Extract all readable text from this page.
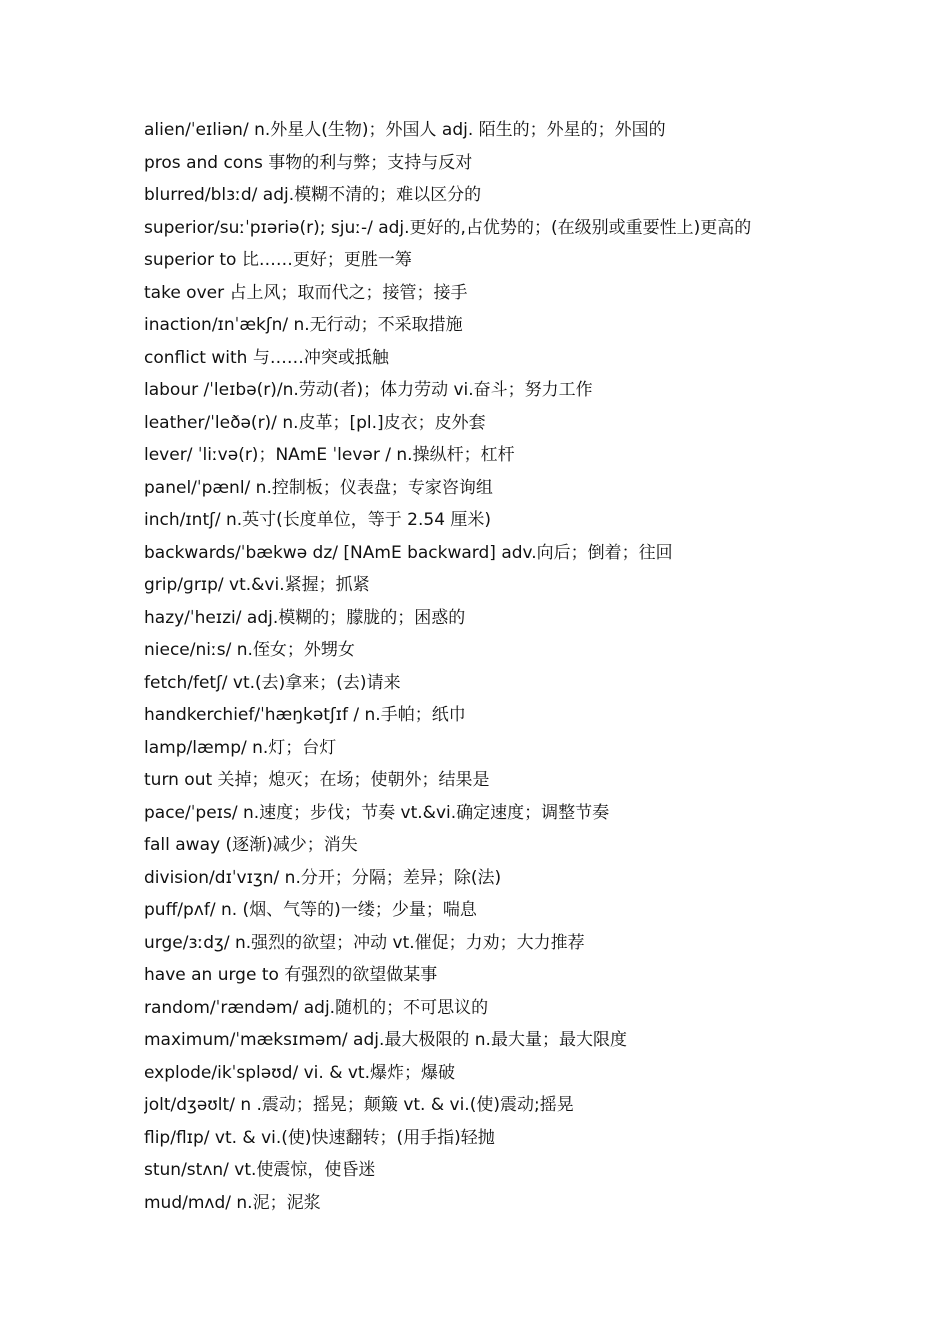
alien/ˈeɪliən/ n.外星人(生物)；外国人 adj. 陌生的；外星的；外国的
pros and cons 事物的利与弊；支持与反对
blurred/blɜːd/ adj.模糊不清的；难以区分的
superior/suːˈpɪəriə(r); sjuː-/ adj.更好的,占优势的；(在级别或重要性上)更高的
superior to 比……更好；更胜一筹
take over 占上风；取而代之；接管；接手
inaction/ɪnˈækʃn/ n.无行动；不采取措施
conflict with 与……冲突或抵触
labour /ˈleɪbə(r)/n.劳动(者)；体力劳动 vi.奋斗；努力工作
leather/ˈleðə(r)/ n.皮革；[pl.]皮衣；皮外套
lever/ ˈliːvə(r)；NAmE ˈlevər / n.操纵杆；杠杆
panel/ˈpænl/ n.控制板；仪表盘；专家咨询组
inch/ɪntʃ/ n.英寸(长度单位，等于 2.54 厘米)
backwards/ˈbækwə dz/ [NAmE backward] adv.向后；倒着；往回
grip/ɡrɪp/ vt.&vi.紧握；抓紧
hazy/ˈheɪzi/ adj.模糊的；朦胧的；困惑的
niece/niːs/ n.侄女；外甥女
fetch/fetʃ/ vt.(去)拿来；(去)请来
handkerchief/ˈhæŋkətʃɪf / n.手帕；纸巾
lamp/læmp/ n.灯；台灯
turn out 关掉；熄灭；在场；使朝外；结果是
pace/ˈpeɪs/ n.速度；步伐；节奏 vt.&vi.确定速度；调整节奏
fall away (逐渐)减少；消失
division/dɪˈvɪʒn/ n.分开；分隔；差异；除(法)
puff/pʌf/ n. (烟、气等的)一缕；少量；喘息
urge/ɜːdʒ/ n.强烈的欲望；冲动 vt.催促；力劝；大力推荐
have an urge to 有强烈的欲望做某事
random/ˈrændəm/ adj.随机的；不可思议的
maximum/ˈmæksɪməm/ adj.最大极限的 n.最大量；最大限度
explode/ikˈspləʊd/ vi. & vt.爆炸；爆破
jolt/dʒəʊlt/ n .震动；摇晃；颠簸 vt. & vi.(使)震动;摇晃
flip/flɪp/ vt. & vi.(使)快速翻转；(用手指)轻抛
stun/stʌn/ vt.使震惊，使昏迷
mud/mʌd/ n.泥；泥浆
